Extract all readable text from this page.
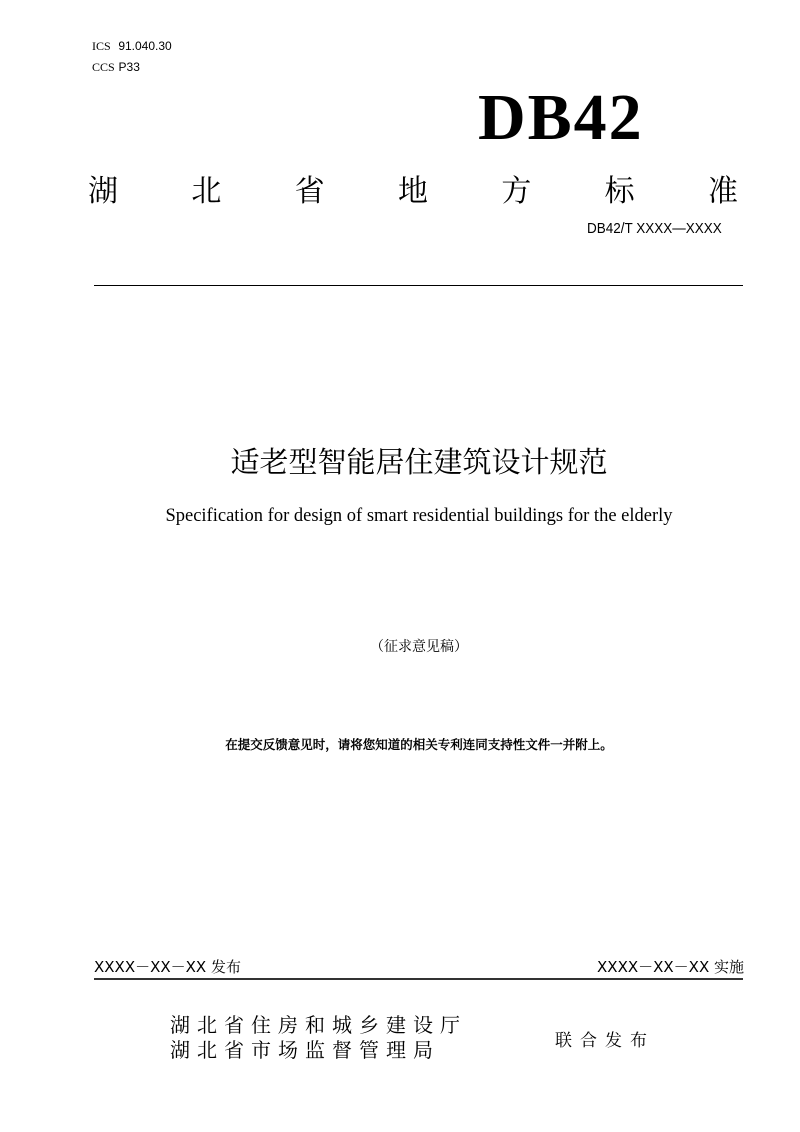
ICS 91.040.30
CCS P33
DB42
湖 北 省 地 方 标 准
DB42/T XXXX—XXXX
适老型智能居住建筑设计规范
Specification for design of smart residential buildings for the elderly
（征求意见稿）
在提交反馈意见时，请将您知道的相关专利连同支持性文件一并附上。
XXXX－XX－XX 发布	XXXX－XX－XX 实施
湖北省住房和城乡建设厅
湖北省市场监督管理局	联合发布
